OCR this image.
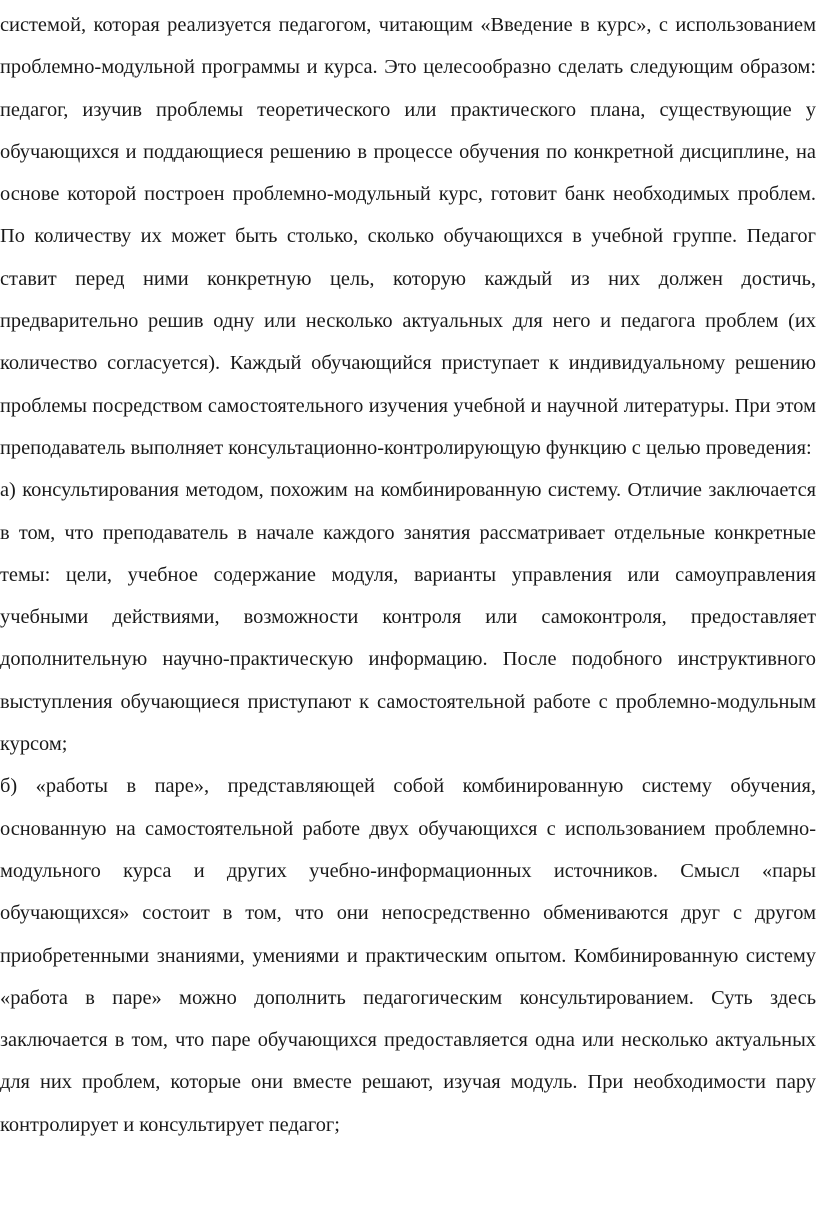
системой, которая реализуется педагогом, читающим «Введение в курс», с использованием проблемно-модульной программы и курса. Это целесообразно сделать следующим образом: педагог, изучив проблемы теоретического или практического плана, существующие у обучающихся и поддающиеся решению в процессе обучения по конкретной дисциплине, на основе которой построен проблемно-модульный курс, готовит банк необходимых проблем. По количеству их может быть столько, сколько обучающихся в учебной группе. Педагог ставит перед ними конкретную цель, которую каждый из них должен достичь, предварительно решив одну или несколько актуальных для него и педагога проблем (их количество согласуется). Каждый обучающийся приступает к индивидуальному решению проблемы посредством самостоятельного изучения учебной и научной литературы. При этом преподаватель выполняет консультационно-контролирующую функцию с целью проведения:

а) консультирования методом, похожим на комбинированную систему. Отличие заключается в том, что преподаватель в начале каждого занятия рассматривает отдельные конкретные темы: цели, учебное содержание модуля, варианты управления или самоуправления учебными действиями, возможности контроля или самоконтроля, предоставляет дополнительную научно-практическую информацию. После подобного инструктивного выступления обучающиеся приступают к самостоятельной работе с проблемно-модульным курсом;

б) «работы в паре», представляющей собой комбинированную систему обучения, основанную на самостоятельной работе двух обучающихся с использованием проблемно-модульного курса и других учебно-информационных источников. Смысл «пары обучающихся» состоит в том, что они непосредственно обмениваются друг с другом приобретенными знаниями, умениями и практическим опытом. Комбинированную систему «работа в паре» можно дополнить педагогическим консультированием. Суть здесь заключается в том, что паре обучающихся предоставляется одна или несколько актуальных для них проблем, которые они вместе решают, изучая модуль. При необходимости пару контролирует и консультирует педагог;
